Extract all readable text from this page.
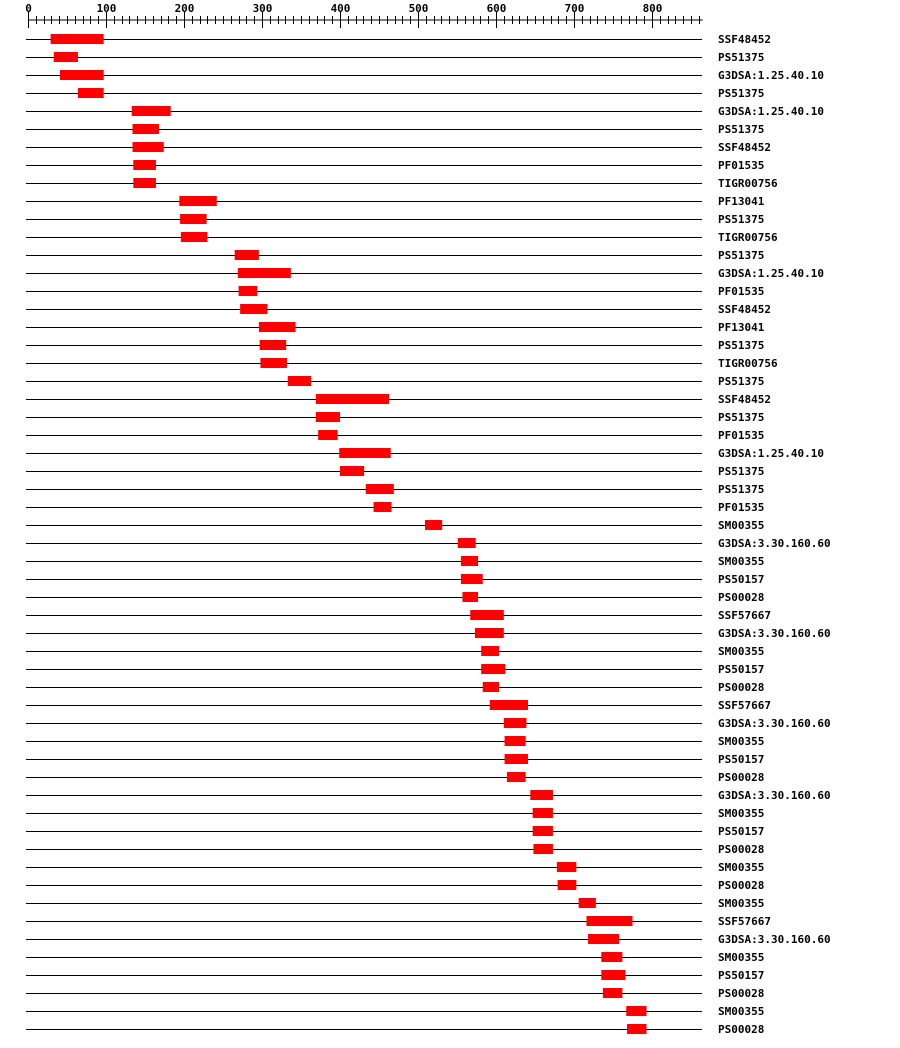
0	100	200	300	400	500	600	700	800
SSF48452
PS51375
G3DSA:1.25.40.10
PS51375
G3DSA:1.25.40.10
PS51375
SSF48452
PF01535
TIGR00756
PF13041
PS51375
TIGR00756
PS51375
G3DSA:1.25.40.10
PF01535
SSF48452
PF13041
PS51375
TIGR00756
PS51375
SSF48452
PS51375
PF01535
G3DSA:1.25.40.10
PS51375
PS51375
PF01535
SM00355
G3DSA:3.30.160.60
SM00355
PS50157
PS00028
SSF57667
G3DSA:3.30.160.60
SM00355
PS50157
PS00028
SSF57667
G3DSA:3.30.160.60
SM00355
PS50157
PS00028
G3DSA:3.30.160.60
SM00355
PS50157
PS00028
SM00355
PS00028
SM00355
SSF57667
G3DSA:3.30.160.60
SM00355
PS50157
PS00028
SM00355
PS00028
